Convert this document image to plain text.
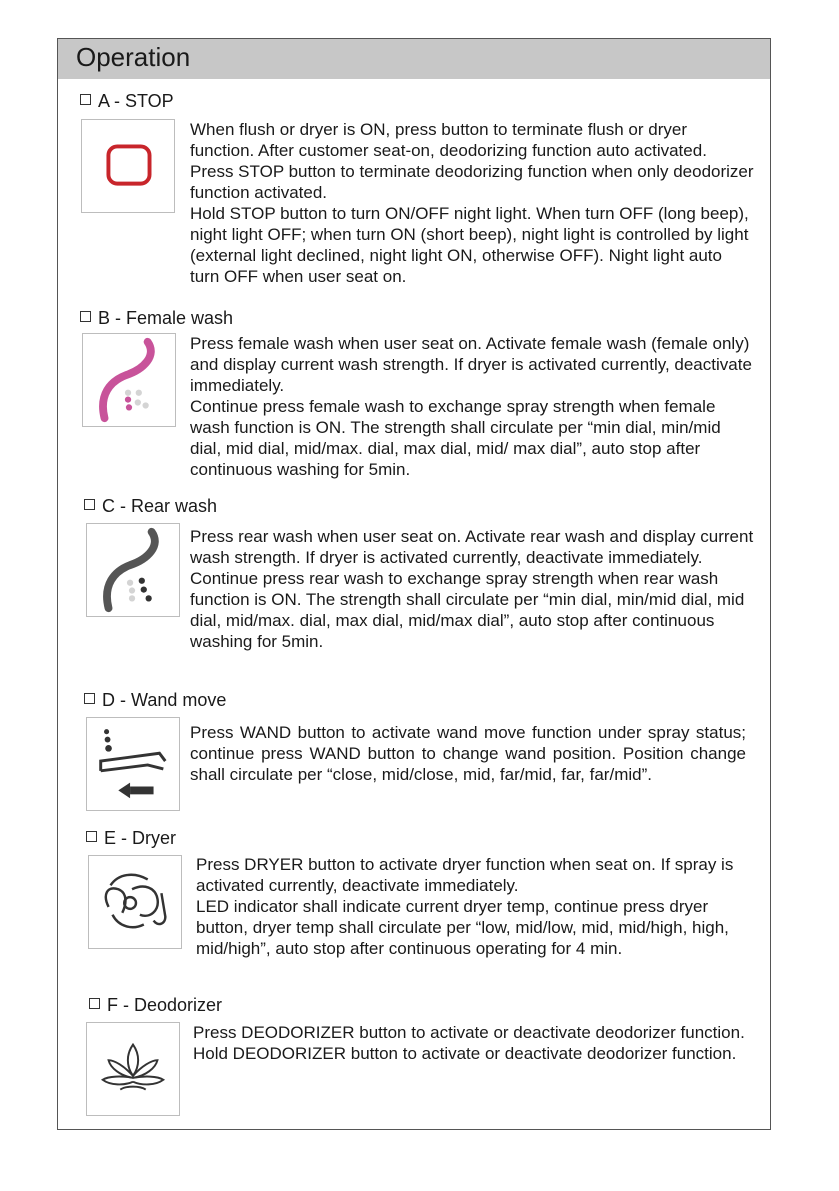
Operation
A - STOP

When flush or dryer is ON, press button to terminate flush or dryer function. After customer seat-on, deodorizing function auto activated. Press STOP button to terminate deodorizing function when only deodorizer function activated.

Hold STOP button to turn ON/OFF night light. When turn OFF (long beep), night light OFF; when turn ON (short beep), night light is controlled by light (external light declined, night light ON, otherwise OFF). Night light auto turn OFF when user seat on.

B - Female wash

Press female wash when user seat on. Activate female wash (female only) and display current wash strength. If dryer is activated currently, deactivate immediately.

Continue press female wash to exchange spray strength when female wash function is ON. The strength shall circulate per “min dial, min/mid dial, mid dial, mid/max. dial, max dial, mid/ max dial”, auto stop after continuous washing for 5min.

C - Rear wash

Press rear wash when user seat on. Activate rear wash and display current wash strength. If dryer is activated currently, deactivate immediately.

Continue press rear wash to exchange spray strength when rear wash function is ON. The strength shall circulate per “min dial, min/mid dial, mid dial, mid/max. dial, max dial, mid/max dial”, auto stop after continuous washing for 5min.

D - Wand move

Press WAND button to activate wand move function under spray status; continue press WAND button to change wand position. Position change shall circulate per “close, mid/close, mid, far/mid, far, far/mid”.

E - Dryer

Press DRYER button to activate dryer function when seat on. If spray is activated currently, deactivate immediately.

LED indicator shall indicate current dryer temp, continue press dryer button, dryer temp shall circulate per “low, mid/low, mid, mid/high, high, mid/high”, auto stop after continuous operating for 4 min.

F - Deodorizer

Press DEODORIZER button to activate or deactivate deodorizer function.

Hold DEODORIZER button to activate or deactivate deodorizer function.
